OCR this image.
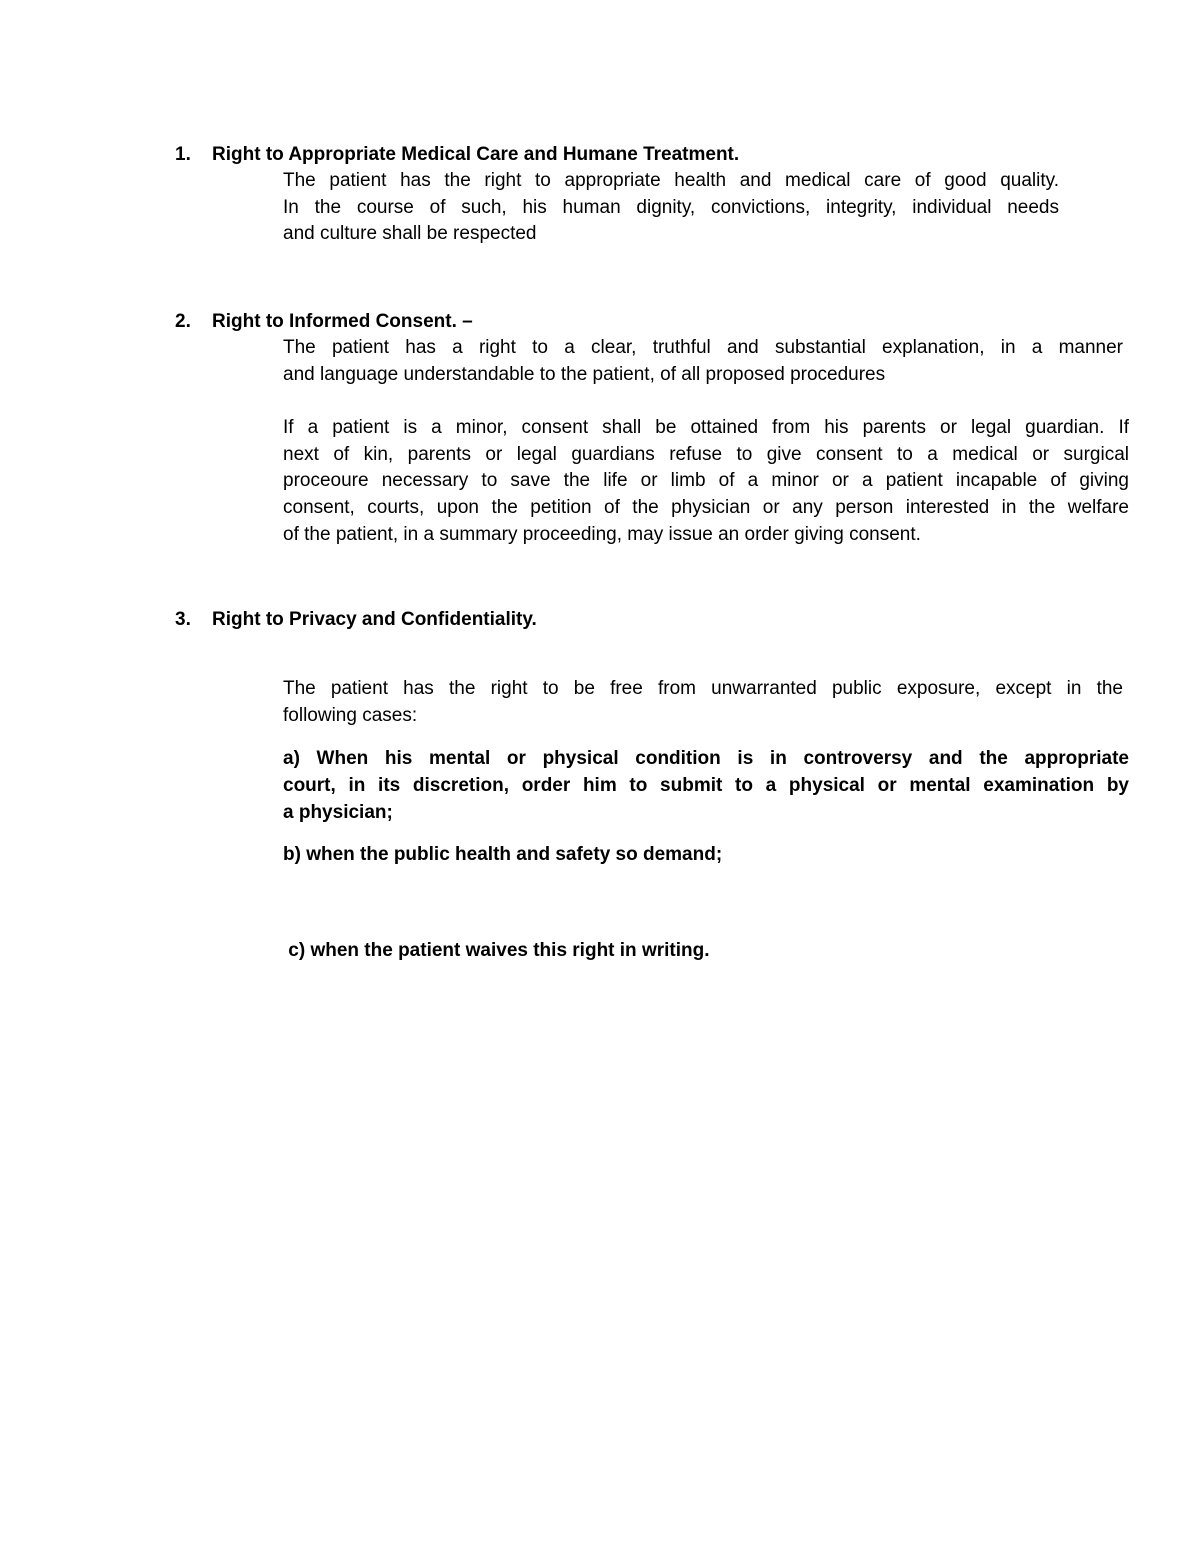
1. Right to Appropriate Medical Care and Humane Treatment.
The patient has the right to appropriate health and medical care of good quality.
In the course of such, his human dignity, convictions, integrity, individual needs
and culture shall be respected
2. Right to Informed Consent. –
The patient has a right to a clear, truthful and substantial explanation, in a manner
and language understandable to the patient, of all proposed procedures
If a patient is a minor, consent shall be ottained from his parents or legal guardian. If
next of kin, parents or legal guardians refuse to give consent to a medical or surgical
proceoure necessary to save the life or limb of a minor or a patient incapable of giving
consent, courts, upon the petition of the physician or any person interested in the welfare
of the patient, in a summary proceeding, may issue an order giving consent.
3. Right to Privacy and Confidentiality.
The patient has the right to be free from unwarranted public exposure, except in the
following cases:
a) When his mental or physical condition is in controversy and the appropriate
court, in its discretion, order him to submit to a physical or mental examination by
a physician;
b) when the public health and safety so demand;

c) when the patient waives this right in writing.
